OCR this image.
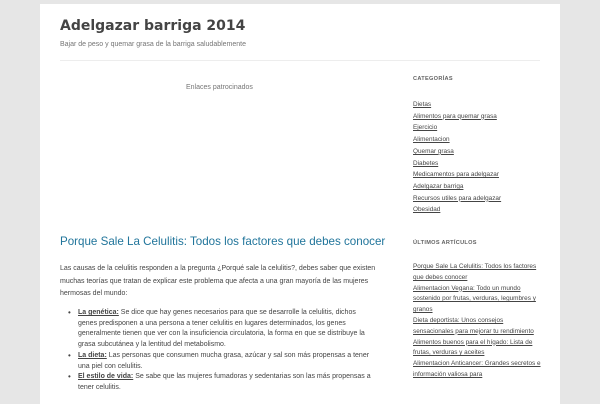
Adelgazar barriga 2014
Bajar de peso y quemar grasa de la barriga saludablemente
Enlaces patrocinados
Porque Sale La Celulitis: Todos los factores que debes conocer

Las causas de la celulitis responden a la pregunta ¿Porqué sale la celulitis?, debes saber que existen muchas teorías que tratan de explicar este problema que afecta a una gran mayoría de las mujeres hermosas del mundo:

• La genética: Se dice que hay genes necesarios para que se desarrolle la celulitis, dichos genes predisponen a una persona a tener celulitis en lugares determinados, los genes generalmente tienen que ver con la insuficiencia circulatoria, la forma en que se distribuye la grasa subcutánea y la lentitud del metabolismo.
• La dieta: Las personas que consumen mucha grasa, azúcar y sal son más propensas a tener una piel con celulitis.
• El estilo de vida: Se sabe que las mujeres fumadoras y sedentarias son las más propensas a tener celulitis.
CATEGORÍAS
Dietas
Alimentos para quemar grasa
Ejercicio
Alimentacion
Quemar grasa
Diabetes
Medicamentos para adelgazar
Adelgazar barriga
Recursos utiles para adelgazar
Obesidad
ÚLTIMOS ARTÍCULOS
Porque Sale La Celulitis: Todos los factores que debes conocer
Alimentacion Vegana: Todo un mundo sostenido por frutas, verduras, legumbres y granos
Dieta deportista: Unos consejos sensacionales para mejorar tu rendimiento
Alimentos buenos para el hígado: Lista de frutas, verduras y aceites
Alimentacion Anticancer: Grandes secretos e información valiosa para
